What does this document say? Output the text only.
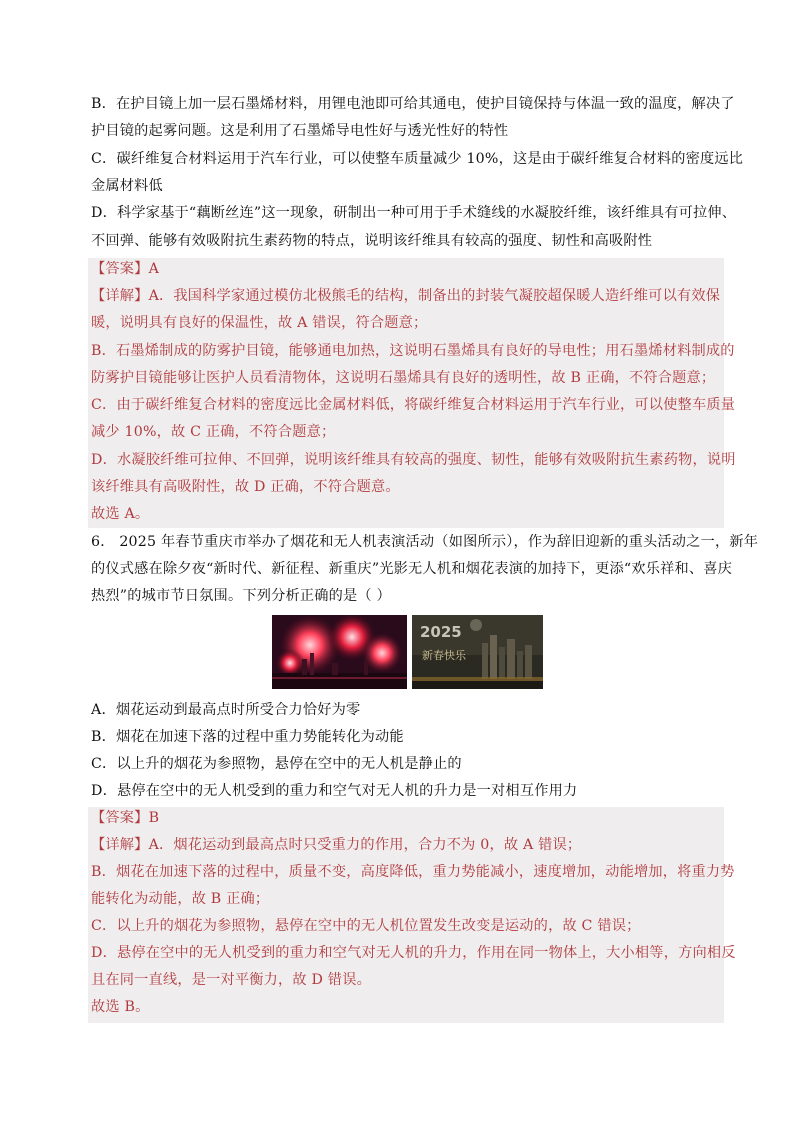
B．在护目镜上加一层石墨烯材料，用锂电池即可给其通电，使护目镜保持与体温一致的温度，解决了
护目镜的起雾问题。这是利用了石墨烯导电性好与透光性好的特性
C．碳纤维复合材料运用于汽车行业，可以使整车质量减少 10%，这是由于碳纤维复合材料的密度远比
金属材料低
D．科学家基于“藕断丝连”这一现象，研制出一种可用于手术缝线的水凝胶纤维，该纤维具有可拉伸、
不回弹、能够有效吸附抗生素药物的特点，说明该纤维具有较高的强度、韧性和高吸附性
【答案】A
【详解】A．我国科学家通过模仿北极熊毛的结构，制备出的封装气凝胶超保暖人造纤维可以有效保
暖，说明具有良好的保温性，故 A 错误，符合题意；
B．石墨烯制成的防雾护目镜，能够通电加热，这说明石墨烯具有良好的导电性；用石墨烯材料制成的
防雾护目镜能够让医护人员看清物体，这说明石墨烯具有良好的透明性，故 B 正确，不符合题意；
C．由于碳纤维复合材料的密度远比金属材料低，将碳纤维复合材料运用于汽车行业，可以使整车质量
减少 10%，故 C 正确，不符合题意；
D．水凝胶纤维可拉伸、不回弹，说明该纤维具有较高的强度、韧性，能够有效吸附抗生素药物，说明
该纤维具有高吸附性，故 D 正确，不符合题意。
故选 A。
6． 2025 年春节重庆市举办了烟花和无人机表演活动（如图所示），作为辞旧迎新的重头活动之一，新年
的仪式感在除夕夜“新时代、新征程、新重庆”光影无人机和烟花表演的加持下，更添“欢乐祥和、喜庆
热烈”的城市节日氛围。下列分析正确的是（ ）
2025
新春快乐
A．烟花运动到最高点时所受合力恰好为零
B．烟花在加速下落的过程中重力势能转化为动能
C．以上升的烟花为参照物，悬停在空中的无人机是静止的
D．悬停在空中的无人机受到的重力和空气对无人机的升力是一对相互作用力
【答案】B
【详解】A．烟花运动到最高点时只受重力的作用，合力不为 0，故 A 错误；
B．烟花在加速下落的过程中，质量不变，高度降低，重力势能减小，速度增加，动能增加，将重力势
能转化为动能，故 B 正确；
C．以上升的烟花为参照物，悬停在空中的无人机位置发生改变是运动的，故 C 错误；
D．悬停在空中的无人机受到的重力和空气对无人机的升力，作用在同一物体上，大小相等，方向相反
且在同一直线，是一对平衡力，故 D 错误。
故选 B。
